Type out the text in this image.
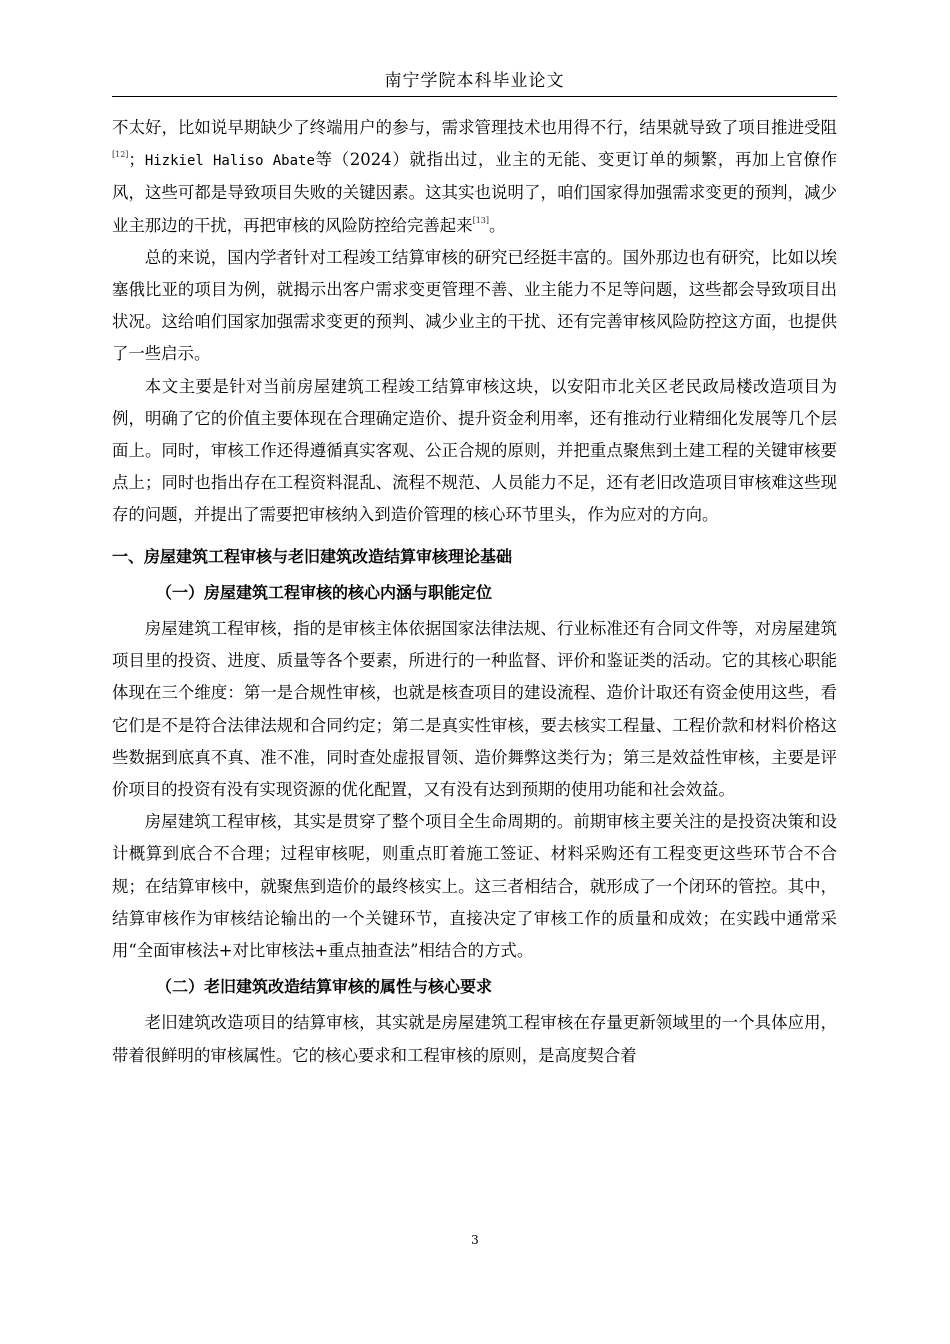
南宁学院本科毕业论文

不太好，比如说早期缺少了终端用户的参与，需求管理技术也用得不行，结果就导致了项目推进受阻[12]；Hizkiel Haliso Abate等（2024）就指出过，业主的无能、变更订单的频繁，再加上官僚作风，这些可都是导致项目失败的关键因素。这其实也说明了，咱们国家得加强需求变更的预判，减少业主那边的干扰，再把审核的风险防控给完善起来[13]。

总的来说，国内学者针对工程竣工结算审核的研究已经挺丰富的。国外那边也有研究，比如以埃塞俄比亚的项目为例，就揭示出客户需求变更管理不善、业主能力不足等问题，这些都会导致项目出状况。这给咱们国家加强需求变更的预判、减少业主的干扰、还有完善审核风险防控这方面，也提供了一些启示。

本文主要是针对当前房屋建筑工程竣工结算审核这块，以安阳市北关区老民政局楼改造项目为例，明确了它的价值主要体现在合理确定造价、提升资金利用率，还有推动行业精细化发展等几个层面上。同时，审核工作还得遵循真实客观、公正合规的原则，并把重点聚焦到土建工程的关键审核要点上；同时也指出存在工程资料混乱、流程不规范、人员能力不足，还有老旧改造项目审核难这些现存的问题，并提出了需要把审核纳入到造价管理的核心环节里头，作为应对的方向。

一、房屋建筑工程审核与老旧建筑改造结算审核理论基础

（一）房屋建筑工程审核的核心内涵与职能定位

房屋建筑工程审核，指的是审核主体依据国家法律法规、行业标准还有合同文件等，对房屋建筑项目里的投资、进度、质量等各个要素，所进行的一种监督、评价和鉴证类的活动。它的其核心职能体现在三个维度：第一是合规性审核，也就是核查项目的建设流程、造价计取还有资金使用这些，看它们是不是符合法律法规和合同约定；第二是真实性审核，要去核实工程量、工程价款和材料价格这些数据到底真不真、准不准，同时查处虚报冒领、造价舞弊这类行为；第三是效益性审核，主要是评价项目的投资有没有实现资源的优化配置，又有没有达到预期的使用功能和社会效益。

房屋建筑工程审核，其实是贯穿了整个项目全生命周期的。前期审核主要关注的是投资决策和设计概算到底合不合理；过程审核呢，则重点盯着施工签证、材料采购还有工程变更这些环节合不合规；在结算审核中，就聚焦到造价的最终核实上。这三者相结合，就形成了一个闭环的管控。其中，结算审核作为审核结论输出的一个关键环节，直接决定了审核工作的质量和成效；在实践中通常采用“全面审核法+对比审核法+重点抽查法”相结合的方式。

（二）老旧建筑改造结算审核的属性与核心要求

老旧建筑改造项目的结算审核，其实就是房屋建筑工程审核在存量更新领域里的一个具体应用，带着很鲜明的审核属性。它的核心要求和工程审核的原则，是高度契合着

3
